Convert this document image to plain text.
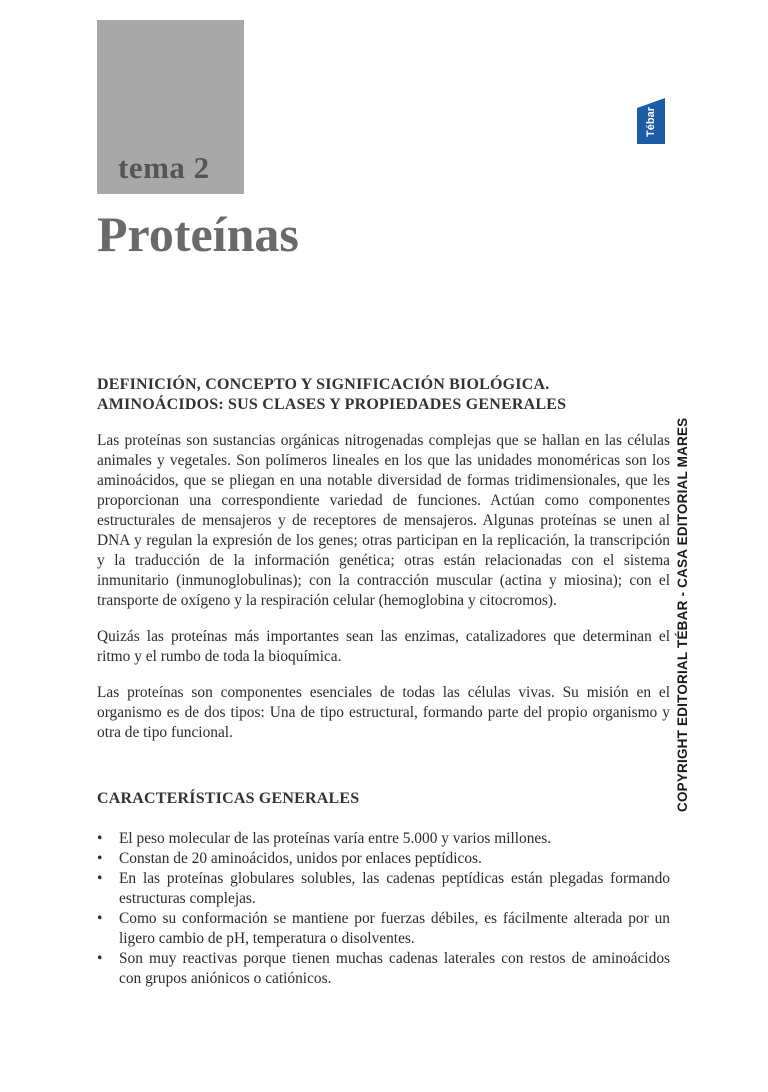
tema 2
Proteínas
Tébar
COPYRIGHT EDITORIAL TÉBAR - CASA EDITORIAL MARES
DEFINICIÓN, CONCEPTO Y SIGNIFICACIÓN BIOLÓGICA.
AMINOÁCIDOS: SUS CLASES Y PROPIEDADES GENERALES

Las proteínas son sustancias orgánicas nitrogenadas complejas que se hallan en las células animales y vegetales. Son polímeros lineales en los que las unidades monoméricas son los aminoácidos, que se pliegan en una notable diversidad de formas tridimensionales, que les proporcionan una correspondiente variedad de funciones. Actúan como componentes estructurales de mensajeros y de receptores de mensajeros. Algunas proteínas se unen al DNA y regulan la expresión de los genes; otras participan en la replicación, la transcripción y la traducción de la información genética; otras están relacionadas con el sistema inmunitario (inmunoglobulinas); con la contracción muscular (actina y miosina); con el transporte de oxígeno y la respiración celular (hemoglobina y citocromos).

Quizás las proteínas más importantes sean las enzimas, catalizadores que determinan el ritmo y el rumbo de toda la bioquímica.

Las proteínas son componentes esenciales de todas las células vivas. Su misión en el organismo es de dos tipos: Una de tipo estructural, formando parte del propio organismo y otra de tipo funcional.

CARACTERÍSTICAS GENERALES
• El peso molecular de las proteínas varía entre 5.000 y varios millones.
• Constan de 20 aminoácidos, unidos por enlaces peptídicos.
• En las proteínas globulares solubles, las cadenas peptídicas están plegadas formando estructuras complejas.
• Como su conformación se mantiene por fuerzas débiles, es fácilmente alterada por un ligero cambio de pH, temperatura o disolventes.
• Son muy reactivas porque tienen muchas cadenas laterales con restos de aminoácidos con grupos aniónicos o catiónicos.
